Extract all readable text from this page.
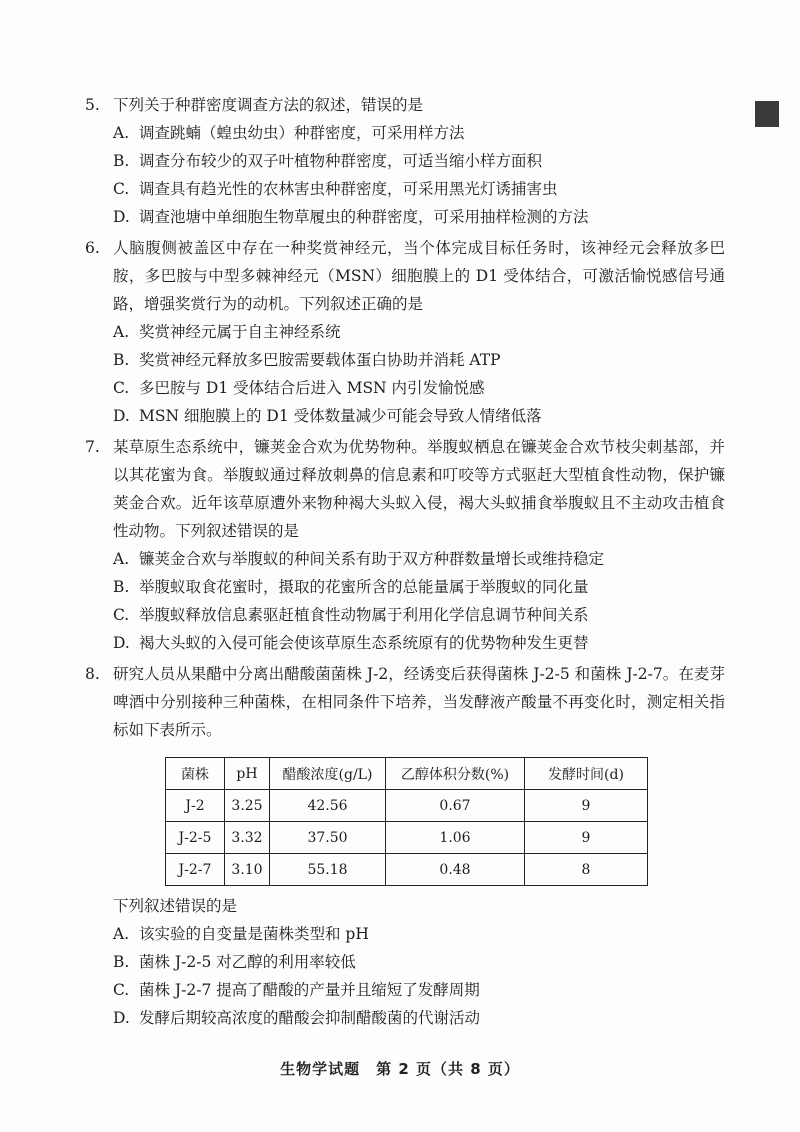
5. 下列关于种群密度调查方法的叙述，错误的是

A. 调查跳蝻（蝗虫幼虫）种群密度，可采用样方法

B. 调查分布较少的双子叶植物种群密度，可适当缩小样方面积

C. 调查具有趋光性的农林害虫种群密度，可采用黑光灯诱捕害虫

D. 调查池塘中单细胞生物草履虫的种群密度，可采用抽样检测的方法

6. 人脑腹侧被盖区中存在一种奖赏神经元，当个体完成目标任务时，该神经元会释放多巴胺，多巴胺与中型多棘神经元（MSN）细胞膜上的 D1 受体结合，可激活愉悦感信号通路，增强奖赏行为的动机。下列叙述正确的是

A. 奖赏神经元属于自主神经系统

B. 奖赏神经元释放多巴胺需要载体蛋白协助并消耗 ATP

C. 多巴胺与 D1 受体结合后进入 MSN 内引发愉悦感

D. MSN 细胞膜上的 D1 受体数量减少可能会导致人情绪低落

7. 某草原生态系统中，镰荚金合欢为优势物种。举腹蚁栖息在镰荚金合欢节枝尖刺基部，并以其花蜜为食。举腹蚁通过释放刺鼻的信息素和叮咬等方式驱赶大型植食性动物，保护镰荚金合欢。近年该草原遭外来物种褐大头蚁入侵，褐大头蚁捕食举腹蚁且不主动攻击植食性动物。下列叙述错误的是

A. 镰荚金合欢与举腹蚁的种间关系有助于双方种群数量增长或维持稳定

B. 举腹蚁取食花蜜时，摄取的花蜜所含的总能量属于举腹蚁的同化量

C. 举腹蚁释放信息素驱赶植食性动物属于利用化学信息调节种间关系

D. 褐大头蚁的入侵可能会使该草原生态系统原有的优势物种发生更替

8. 研究人员从果醋中分离出醋酸菌菌株 J-2，经诱变后获得菌株 J-2-5 和菌株 J-2-7。在麦芽啤酒中分别接种三种菌株，在相同条件下培养，当发酵液产酸量不再变化时，测定相关指标如下表所示。

菌株	pH	醋酸浓度(g/L)	乙醇体积分数(%)	发酵时间(d)
J-2	3.25	42.56	0.67	9
J-2-5	3.32	37.50	1.06	9
J-2-7	3.10	55.18	0.48	8
下列叙述错误的是

A. 该实验的自变量是菌株类型和 pH

B. 菌株 J-2-5 对乙醇的利用率较低

C. 菌株 J-2-7 提高了醋酸的产量并且缩短了发酵周期

D. 发酵后期较高浓度的醋酸会抑制醋酸菌的代谢活动

生物学试题　第 2 页（共 8 页）
